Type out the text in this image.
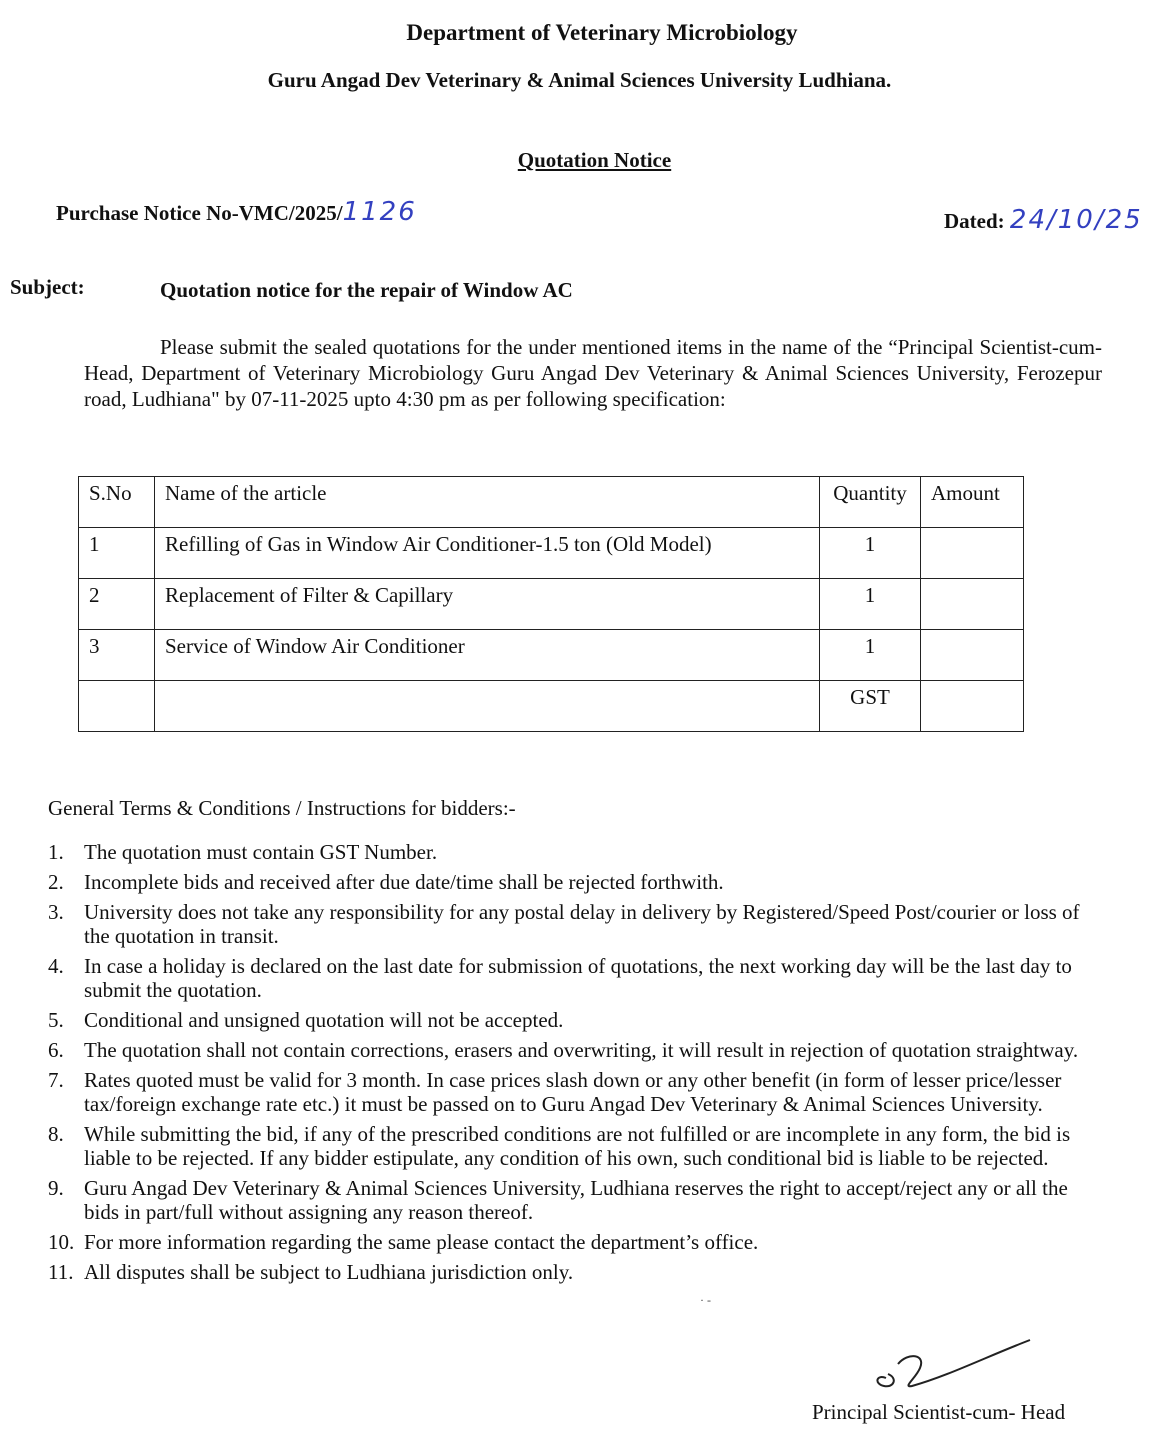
Department of Veterinary Microbiology
Guru Angad Dev Veterinary & Animal Sciences University Ludhiana.
Quotation Notice
Purchase Notice No-VMC/2025/1126	Dated: 24/10/25
Subject:	Quotation notice for the repair of Window AC
Please submit the sealed quotations for the under mentioned items in the name of the “Principal Scientist-cum-Head, Department of Veterinary Microbiology Guru Angad Dev Veterinary & Animal Sciences University, Ferozepur road, Ludhiana" by 07-11-2025 upto 4:30 pm as per following specification:
S.No	Name of the article	Quantity	Amount
1	Refilling of Gas in Window Air Conditioner-1.5 ton (Old Model)	1	
2	Replacement of Filter & Capillary	1	
3	Service of Window Air Conditioner	1	
		GST	
General Terms & Conditions / Instructions for bidders:-
1. The quotation must contain GST Number.
2. Incomplete bids and received after due date/time shall be rejected forthwith.
3. University does not take any responsibility for any postal delay in delivery by Registered/Speed Post/courier or loss of the quotation in transit.
4. In case a holiday is declared on the last date for submission of quotations, the next working day will be the last day to submit the quotation.
5. Conditional and unsigned quotation will not be accepted.
6. The quotation shall not contain corrections, erasers and overwriting, it will result in rejection of quotation straightway.
7. Rates quoted must be valid for 3 month. In case prices slash down or any other benefit (in form of lesser price/lesser tax/foreign exchange rate etc.) it must be passed on to Guru Angad Dev Veterinary & Animal Sciences University.
8. While submitting the bid, if any of the prescribed conditions are not fulfilled or are incomplete in any form, the bid is liable to be rejected. If any bidder estipulate, any condition of his own, such conditional bid is liable to be rejected.
9. Guru Angad Dev Veterinary & Animal Sciences University, Ludhiana reserves the right to accept/reject any or all the bids in part/full without assigning any reason thereof.
10. For more information regarding the same please contact the department’s office.
11. All disputes shall be subject to Ludhiana jurisdiction only.
· -
Principal Scientist-cum- Head
